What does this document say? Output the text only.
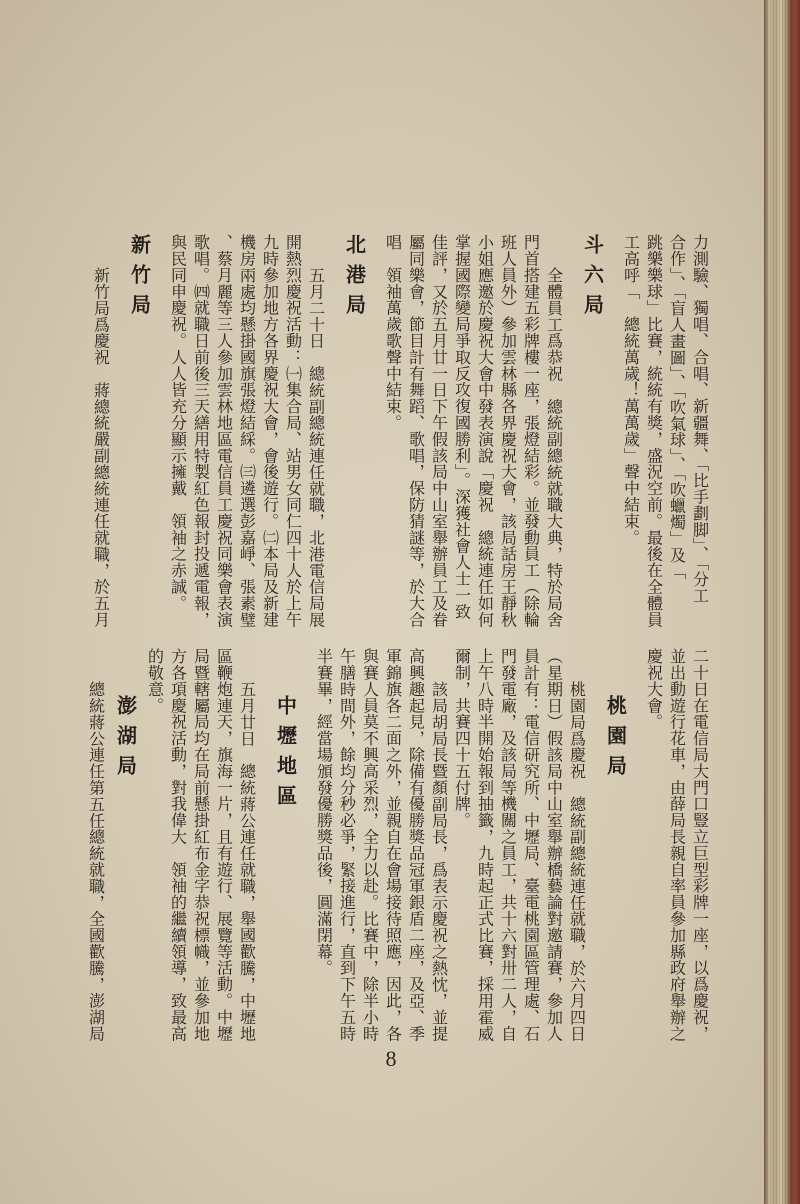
力測驗、獨唱、合唱、新疆舞、「比手劃脚」、「分工
合作」、「盲人畫圖」、「吹氣球」、「吹蠟燭」及「
跳樂樂球」比賽，統統有獎，盛況空前。最後在全體員
工高呼「　總統萬歲！萬萬歲」聲中結束。
斗六局
全體員工爲恭祝　總統副總統就職大典，特於局舍
門首搭建五彩牌樓一座，張燈結彩。並發動員工（除輪
班人員外）參加雲林縣各界慶祝大會，該局話房王靜秋
小姐應邀於慶祝大會中發表演說「慶祝　總統連任如何
掌握國際變局爭取反攻復國勝利」。深獲社會人士一致
佳評，又於五月廿一日下午假該局中山室舉辦員工及眷
屬同樂會，節目計有舞蹈、歌唱，保防猜謎等，於大合
唱　領袖萬歲歌聲中結束。
北港局
五月二十日　總統副總統連任就職，北港電信局展
開熱烈慶祝活動：㈠集合局、站男女同仁四十人於上午
九時參加地方各界慶祝大會，會後遊行。㈡本局及新建
機房兩處均懸掛國旗張燈結綵。㈢遴選彭嘉崢、張素璧
、蔡月麗等三人參加雲林地區電信員工慶祝同樂會表演
歌唱。㈣就職日前後三天繕用特製紅色報封投遞電報，
與民同申慶祝。人人皆充分顯示擁戴　領袖之赤誠。
新竹局
新竹局爲慶祝　蔣總統嚴副總統連任就職，於五月
二十日在電信局大門口豎立巨型彩牌一座，以爲慶祝，
並出動遊行花車，由薛局長親自率員參加縣政府舉辦之
慶祝大會。
桃園局
桃園局爲慶祝　總統副總統連任就職，於六月四日
（星期日）假該局中山室舉辦橋藝論對邀請賽，參加人
員計有：電信研究所、中壢局、臺電桃園區管理處、石
門發電廠，及該局等機關之員工，共十六對卅二人，自
上午八時半開始報到抽籤，九時起正式比賽，採用霍威
爾制，共賽四十五付牌。
該局胡局長暨顏副局長，爲表示慶祝之熱忱，並提
高興趣起見，除備有優勝獎品冠軍銀盾二座，及亞、季
軍錦旗各二面之外，並親自在會場接待照應，因此，各
與賽人員莫不興高采烈，全力以赴。比賽中，除半小時
午膳時間外，餘均分秒必爭，緊接進行，直到下午五時
半賽畢，經當場頒發優勝獎品後，圓滿閉幕。
中壢地區
五月廿日　總統蔣公連任就職，舉國歡騰，中壢地
區鞭炮連天，旗海一片，且有遊行、展覽等活動。中壢
局暨轄屬局均在局前懸掛紅布金字恭祝標幟，並參加地
方各項慶祝活動，對我偉大　領袖的繼續領導，致最高
的敬意。
澎湖局
總統蔣公連任第五任總統就職，全國歡騰，澎湖局
8
